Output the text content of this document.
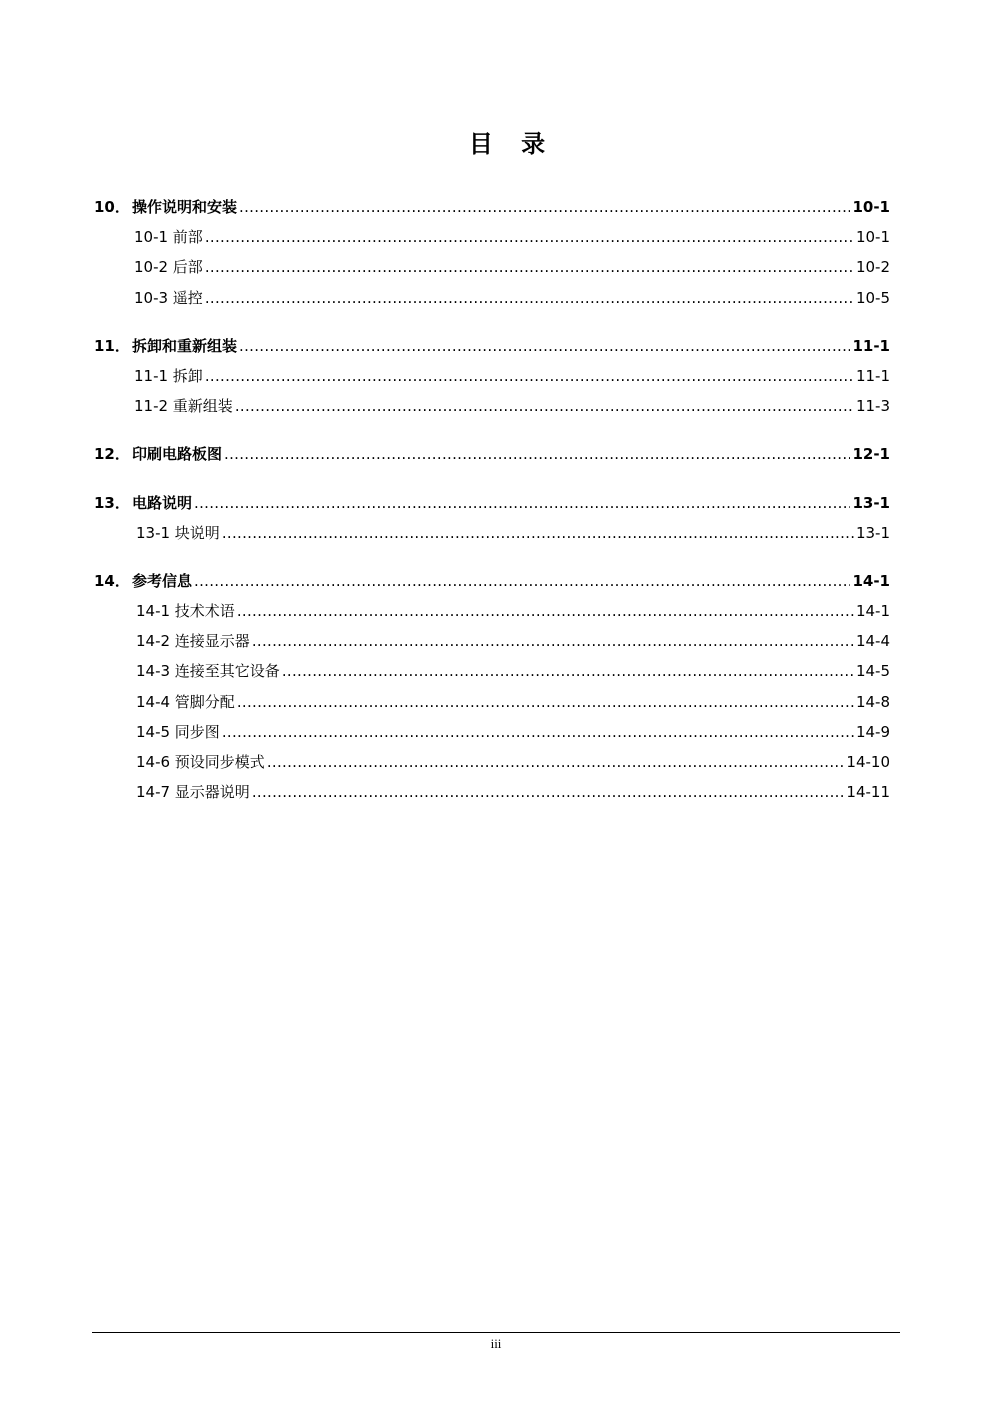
目 录
10． 操作说明和安装 .....	10-1
10-1 前部 .....	10-1
10-2 后部 .....	10-2
10-3 遥控 .....	10-5
11． 拆卸和重新组装 .....	11-1
11-1 拆卸 .....	11-1
11-2 重新组装 .....	11-3
12． 印刷电路板图 .....	12-1
13． 电路说明 .....	13-1
13-1 块说明 .....	13-1
14． 参考信息 .....	14-1
14-1 技术术语 .....	14-1
14-2 连接显示器 .....	14-4
14-3 连接至其它设备 .....	14-5
14-4 管脚分配 .....	14-8
14-5 同步图 .....	14-9
14-6 预设同步模式 .....	14-10
14-7 显示器说明 .....	14-11
iii
